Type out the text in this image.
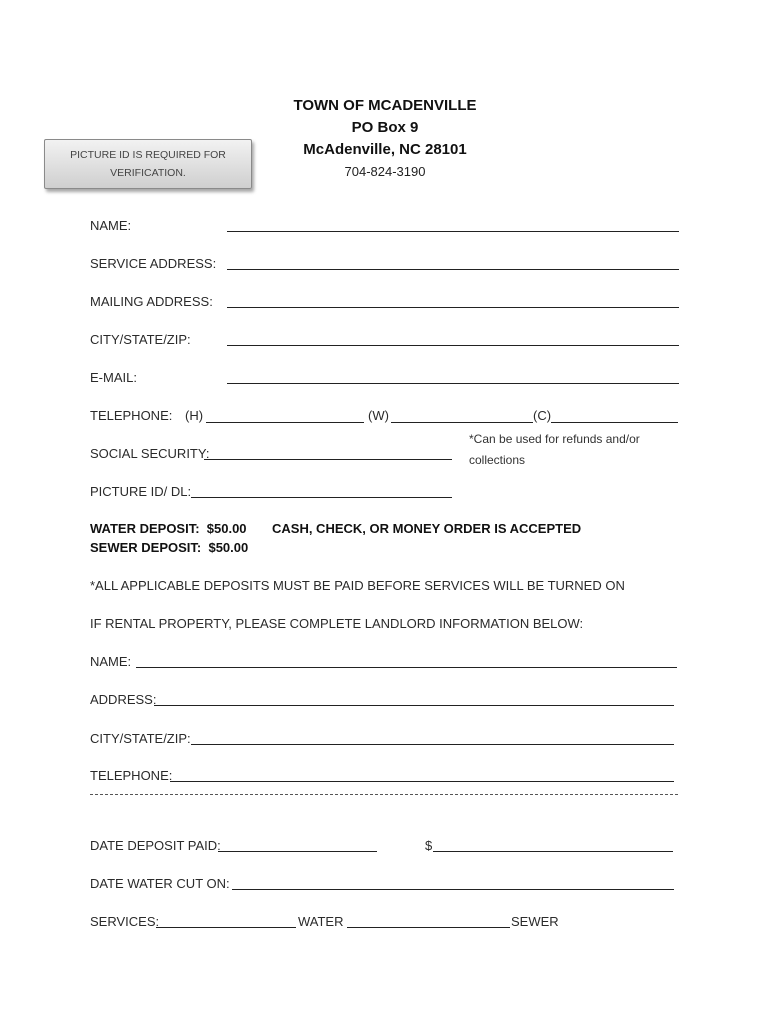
TOWN OF MCADENVILLE
PO Box 9
McAdenville, NC 28101
704-824-3190
PICTURE ID IS REQUIRED FOR
VERIFICATION.
NAME:
SERVICE ADDRESS:
MAILING ADDRESS:
CITY/STATE/ZIP:
E-MAIL:
TELEPHONE: (H)	(W)	(C)
SOCIAL SECURITY:
*Can be used for refunds and/or
collections
PICTURE ID/ DL:
WATER DEPOSIT:  $50.00
SEWER DEPOSIT:  $50.00
CASH, CHECK, OR MONEY ORDER IS ACCEPTED
*ALL APPLICABLE DEPOSITS MUST BE PAID BEFORE SERVICES WILL BE TURNED ON
IF RENTAL PROPERTY, PLEASE COMPLETE LANDLORD INFORMATION BELOW:
NAME:
ADDRESS:
CITY/STATE/ZIP:
TELEPHONE:
DATE DEPOSIT PAID:	$
DATE WATER CUT ON:
SERVICES:	WATER	SEWER
